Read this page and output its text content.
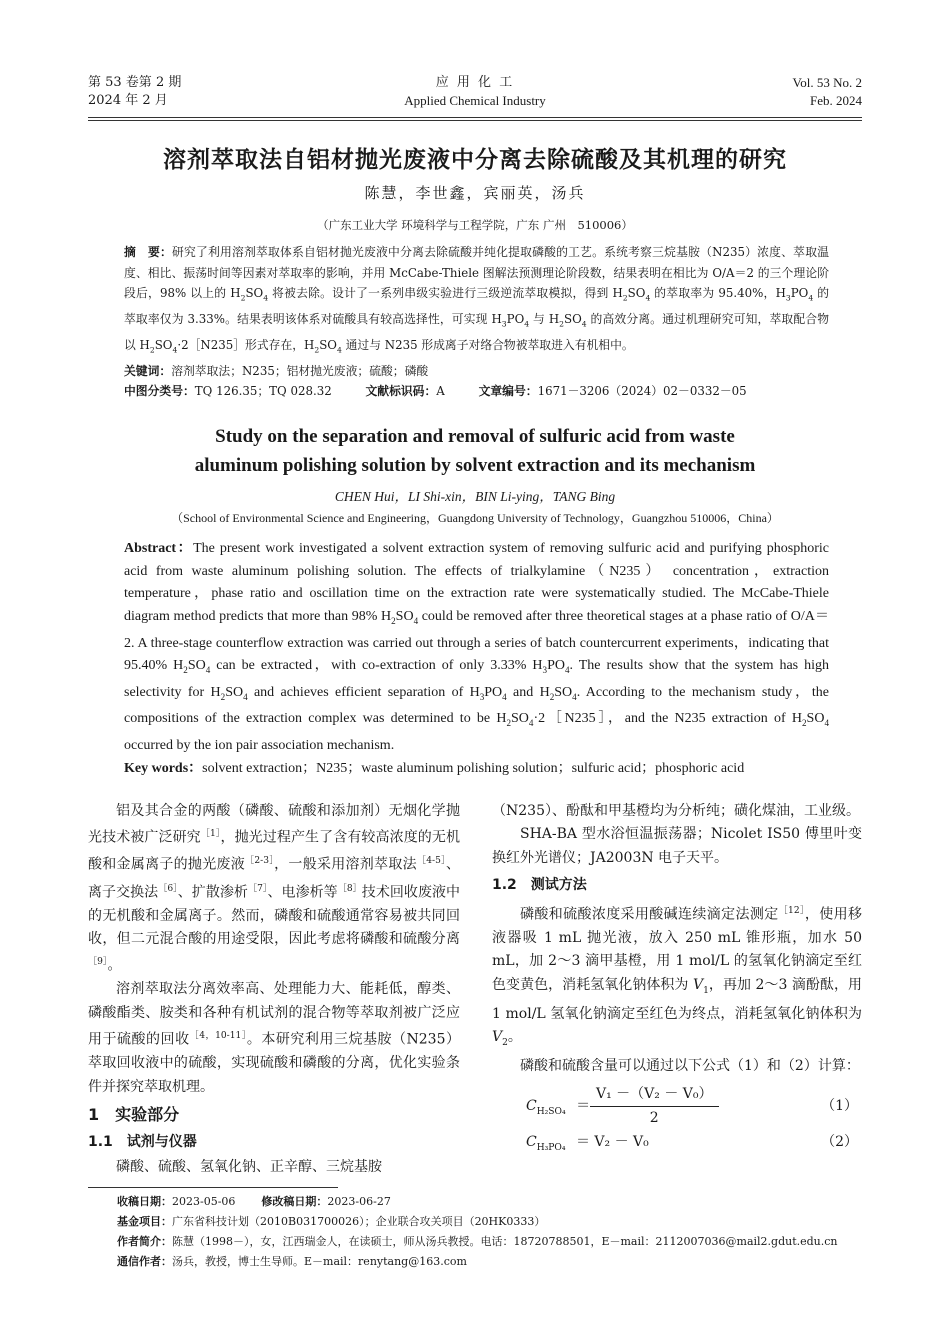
第 53 卷第 2 期
2024 年 2 月
应 用 化 工
Applied Chemical Industry
Vol. 53 No. 2
Feb. 2024
溶剂萃取法自铝材抛光废液中分离去除硫酸及其机理的研究
陈慧，李世鑫，宾丽英，汤兵
（广东工业大学 环境科学与工程学院，广东 广州　510006）
摘　要：研究了利用溶剂萃取体系自铝材抛光废液中分离去除硫酸并纯化提取磷酸的工艺。系统考察三烷基胺（N235）浓度、萃取温度、相比、振荡时间等因素对萃取率的影响，并用 McCabe-Thiele 图解法预测理论阶段数，结果表明在相比为 O/A＝2 的三个理论阶段后，98% 以上的 $H_2SO_4$ 将被去除。设计了一系列串级实验进行三级逆流萃取模拟，得到 $H_2SO_4$ 的萃取率为 95.40%，$H_3PO_4$ 的萃取率仅为 3.33%。结果表明该体系对硫酸具有较高选择性，可实现 $H_3PO_4$ 与 $H_2SO_4$ 的高效分离。通过机理研究可知，萃取配合物以 $H_2SO_4\cdot 2[N235]$形式存在，$H_2SO_4$ 通过与 N235 形成离子对络合物被萃取进入有机相中。
关键词：溶剂萃取法；N235；铝材抛光废液；硫酸；磷酸
中图分类号：TQ 126.35；TQ 028.32	文献标识码：A	文章编号：1671－3206（2024）02－0332－05
Study on the separation and removal of sulfuric acid from waste
aluminum polishing solution by solvent extraction and its mechanism
CHEN Hui，LI Shi-xin，BIN Li-ying，TANG Bing
（School of Environmental Science and Engineering，Guangdong University of Technology，Guangzhou 510006，China）
Abstract：The present work investigated a solvent extraction system of removing sulfuric acid and purifying phosphoric acid from waste aluminum polishing solution. The effects of trialkylamine（N235） concentration，extraction temperature，phase ratio and oscillation time on the extraction rate were systematically studied. The McCabe-Thiele diagram method predicts that more than 98% $H_2SO_4$ could be removed after three theoretical stages at a phase ratio of O/A＝2. A three-stage counterflow extraction was carried out through a series of batch countercurrent experiments，indicating that 95.40% $H_2SO_4$ can be extracted，with co-extraction of only 3.33% $H_3PO_4$. The results show that the system has high selectivity for $H_2SO_4$ and achieves efficient separation of $H_3PO_4$ and $H_2SO_4$. According to the mechanism study，the compositions of the extraction complex was determined to be $H_2SO_4\cdot 2[N235]$，and the N235 extraction of $H_2SO_4$ occurred by the ion pair association mechanism.
Key words：solvent extraction；N235；waste aluminum polishing solution；sulfuric acid；phosphoric acid

铝及其合金的两酸（磷酸、硫酸和添加剂）无烟化学抛光技术被广泛研究$^{[1]}$，抛光过程产生了含有较高浓度的无机酸和金属离子的抛光废液$^{[2-3]}$，一般采用溶剂萃取法$^{[4-5]}$、离子交换法$^{[6]}$、扩散渗析$^{[7]}$、电渗析等$^{[8]}$技术回收废液中的无机酸和金属离子。然而，磷酸和硫酸通常容易被共同回收，但二元混合酸的用途受限，因此考虑将磷酸和硫酸分离$^{[9]}$。

溶剂萃取法分离效率高、处理能力大、能耗低，醇类、磷酸酯类、胺类和各种有机试剂的混合物等萃取剂被广泛应用于硫酸的回收$^{[4,10-11]}$。本研究利用三烷基胺（N235）萃取回收液中的硫酸，实现硫酸和磷酸的分离，优化实验条件并探究萃取机理。

1　实验部分
1.1　试剂与仪器

磷酸、硫酸、氢氧化钠、正辛醇、三烷基胺

（N235）、酚酞和甲基橙均为分析纯；磺化煤油，工业级。

SHA-BA 型水浴恒温振荡器；Nicolet IS50 傅里叶变换红外光谱仪；JA2003N 电子天平。

1.2　测试方法

磷酸和硫酸浓度采用酸碱连续滴定法测定$^{[12]}$，使用移液器吸 1 mL 抛光液，放入 250 mL 锥形瓶，加水 50 mL，加 2～3 滴甲基橙，用 1 mol/L 的氢氧化钠滴定至红色变黄色，消耗氢氧化钠体积为 $V_1$，再加 2～3 滴酚酞，用 1 mol/L 氢氧化钠滴定至红色为终点，消耗氢氧化钠体积为 $V_2$。

磷酸和硫酸含量可以通过以下公式（1）和（2）计算：

$C_{H_2SO_4} = \frac{\text{V₁ －（V₂ － V₀）}}{2}$	（1）
$C_{H_3PO_4} = V_2 - V_0$	（2）
收稿日期：2023-05-06 修改稿日期：2023-06-27
基金项目：广东省科技计划（2010B031700026）；企业联合攻关项目（20HK0333）
作者简介：陈慧（1998－），女，江西瑞金人，在读硕士，师从汤兵教授。电话：18720788501，E－mail：2112007036@mail2.gdut.edu.cn
通信作者：汤兵，教授，博士生导师。E－mail：renytang@163.com
